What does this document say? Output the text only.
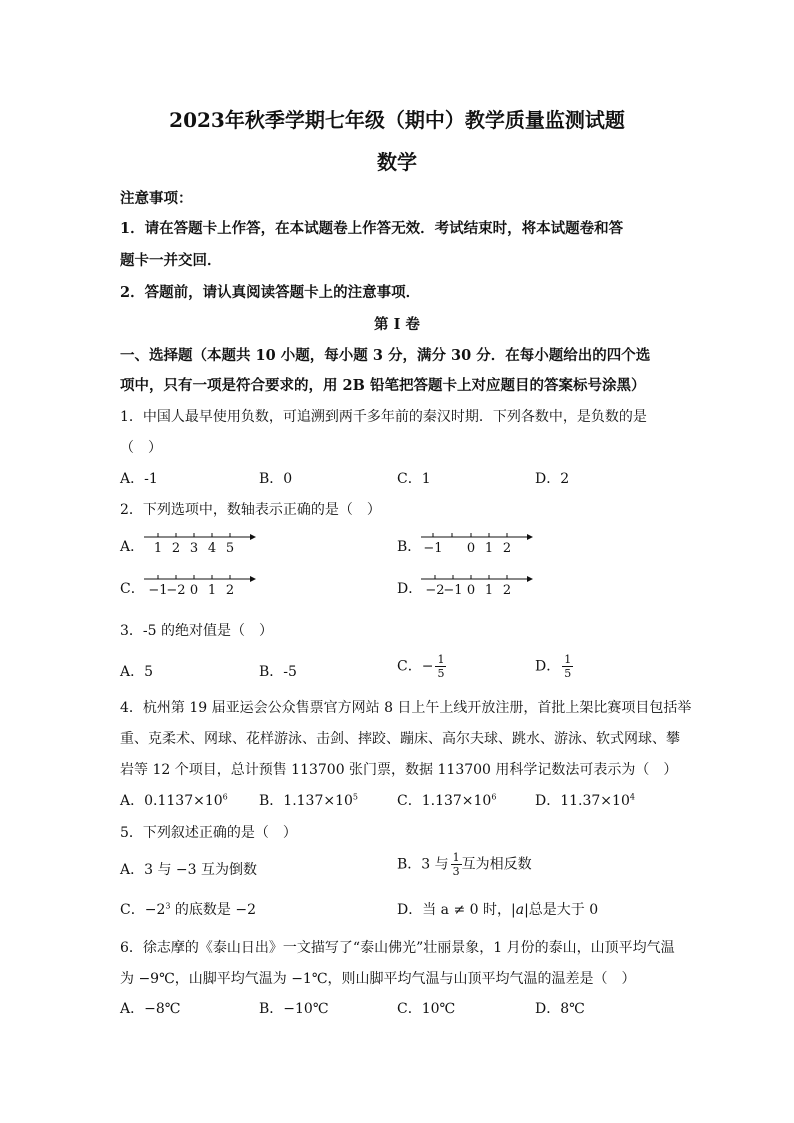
2023年秋季学期七年级（期中）教学质量监测试题
数学
注意事项：
1．请在答题卡上作答，在本试题卷上作答无效．考试结束时，将本试题卷和答
题卡一并交回．
2．答题前，请认真阅读答题卡上的注意事项．
第 I 卷
一、选择题（本题共 10 小题，每小题 3 分，满分 30 分．在每小题给出的四个选
项中，只有一项是符合要求的，用 2B 铅笔把答题卡上对应题目的答案标号涂黑）
1．中国人最早使用负数，可追溯到两千多年前的秦汉时期．下列各数中，是负数的是
（　）
A．-1	B．0	C．1	D．2
2．下列选项中，数轴表示正确的是（　）
A． 1 2 3 4 5	B． −1 0 1 2
C． −1
−2 0 1 2	D． −2
−1 0 1 2
3．-5 的绝对值是（　）
A．5	B．-5	C．− $\frac{1}{5}$	D． $\frac{1}{5}$
4．杭州第 19 届亚运会公众售票官方网站 8 日上午上线开放注册，首批上架比赛项目包括举
重、克柔术、网球、花样游泳、击剑、摔跤、蹦床、高尔夫球、跳水、游泳、软式网球、攀
岩等 12 个项目，总计预售 113700 张门票，数据 113700 用科学记数法可表示为（　）
A．$0.1137\times 10^6$ B．$1.137\times 10^5$	C．$1.137\times 10^6$	D．$11.37\times 10^4$
5．下列叙述正确的是（　）
A．3 与 −3 互为倒数	B．3 与 $\frac{1}{3}$ 互为相反数
C．$-2^3$ 的底数是 −2	D．当 a ≠ 0 时，|a|总是大于 0
6．徐志摩的《泰山日出》一文描写了“泰山佛光”壮丽景象，1 月份的泰山，山顶平均气温
为 −9℃，山脚平均气温为 −1℃，则山脚平均气温与山顶平均气温的温差是（　）
A．−8℃	B．−10℃	C．10℃	D．8℃
